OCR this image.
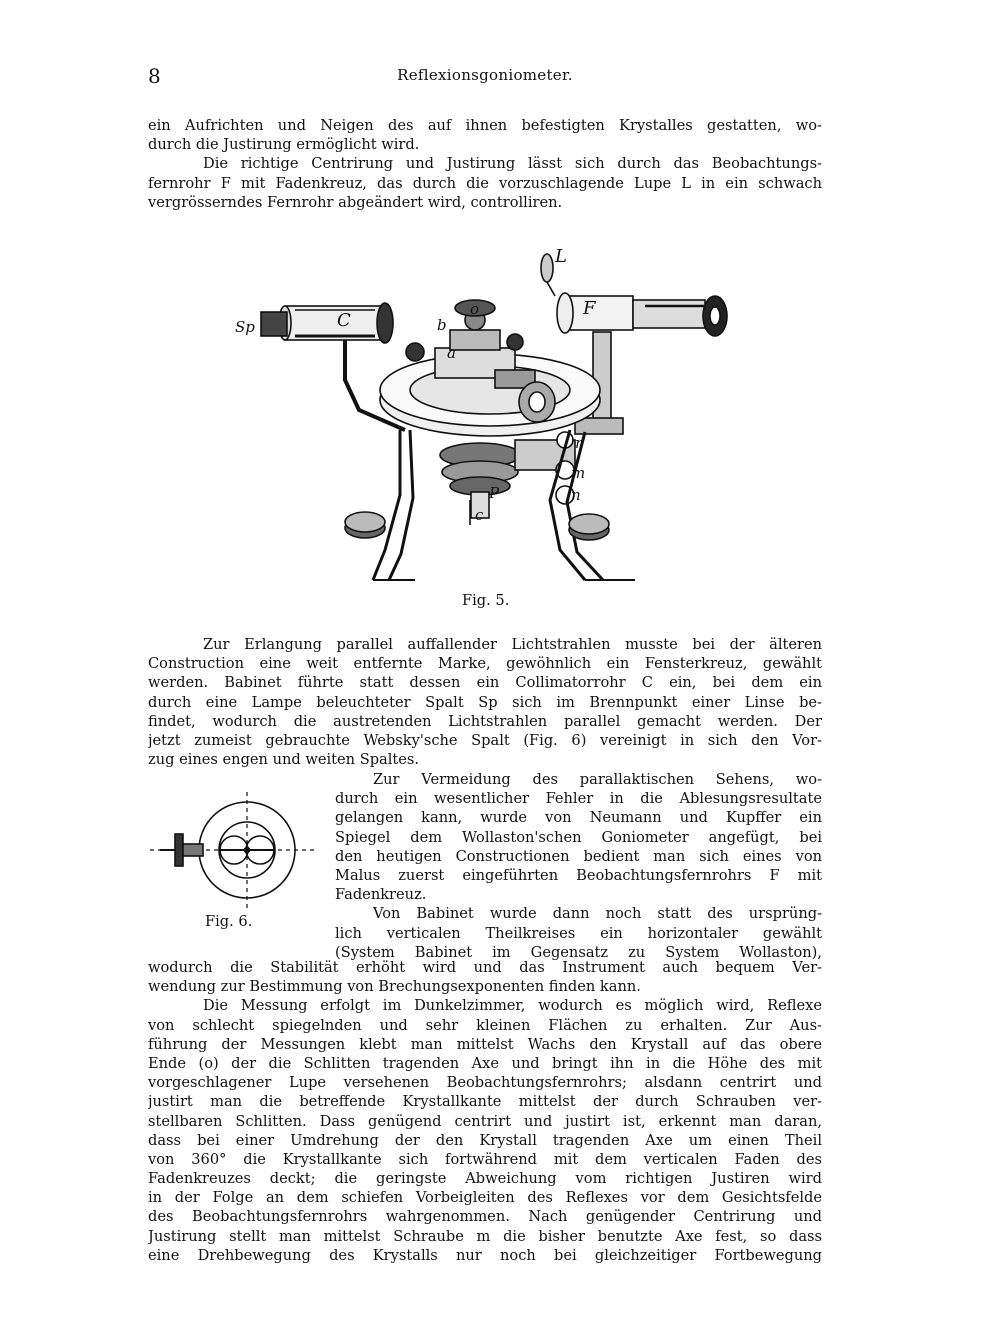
8	Reflexionsgoniometer.
ein Aufrichten und Neigen des auf ihnen befestigten Krystalles gestatten, wo-
durch die Justirung ermöglicht wird.
Die richtige Centrirung und Justirung lässt sich durch das Beobachtungs-
fernrohr F mit Fadenkreuz, das durch die vorzuschlagende Lupe L in ein schwach
vergrösserndes Fernrohr abgeändert wird, controlliren.
L
F
Sp	C
o
b
a
r
m
n
P
c
Fig. 5.
Zur Erlangung parallel auffallender Lichtstrahlen musste bei der älteren
Construction eine weit entfernte Marke, gewöhnlich ein Fensterkreuz, gewählt
werden. Babinet führte statt dessen ein Collimatorrohr C ein, bei dem ein
durch eine Lampe beleuchteter Spalt Sp sich im Brennpunkt einer Linse be-
findet, wodurch die austretenden Lichtstrahlen parallel gemacht werden. Der
jetzt zumeist gebrauchte Websky'sche Spalt (Fig. 6) vereinigt in sich den Vor-
zug eines engen und weiten Spaltes.
Fig. 6.
Zur Vermeidung des parallaktischen Sehens, wo-
durch ein wesentlicher Fehler in die Ablesungsresultate
gelangen kann, wurde von Neumann und Kupffer ein
Spiegel dem Wollaston'schen Goniometer angefügt, bei
den heutigen Constructionen bedient man sich eines von
Malus zuerst eingeführten Beobachtungsfernrohrs F mit
Fadenkreuz.
Von Babinet wurde dann noch statt des ursprüng-
lich verticalen Theilkreises ein horizontaler gewählt
(System Babinet im Gegensatz zu System Wollaston),
wodurch die Stabilität erhöht wird und das Instrument auch bequem Ver-
wendung zur Bestimmung von Brechungsexponenten finden kann.
Die Messung erfolgt im Dunkelzimmer, wodurch es möglich wird, Reflexe
von schlecht spiegelnden und sehr kleinen Flächen zu erhalten. Zur Aus-
führung der Messungen klebt man mittelst Wachs den Krystall auf das obere
Ende (o) der die Schlitten tragenden Axe und bringt ihn in die Höhe des mit
vorgeschlagener Lupe versehenen Beobachtungsfernrohrs; alsdann centrirt und
justirt man die betreffende Krystallkante mittelst der durch Schrauben ver-
stellbaren Schlitten. Dass genügend centrirt und justirt ist, erkennt man daran,
dass bei einer Umdrehung der den Krystall tragenden Axe um einen Theil
von 360° die Krystallkante sich fortwährend mit dem verticalen Faden des
Fadenkreuzes deckt; die geringste Abweichung vom richtigen Justiren wird
in der Folge an dem schiefen Vorbeigleiten des Reflexes vor dem Gesichtsfelde
des Beobachtungsfernrohrs wahrgenommen. Nach genügender Centrirung und
Justirung stellt man mittelst Schraube m die bisher benutzte Axe fest, so dass
eine Drehbewegung des Krystalls nur noch bei gleichzeitiger Fortbewegung
